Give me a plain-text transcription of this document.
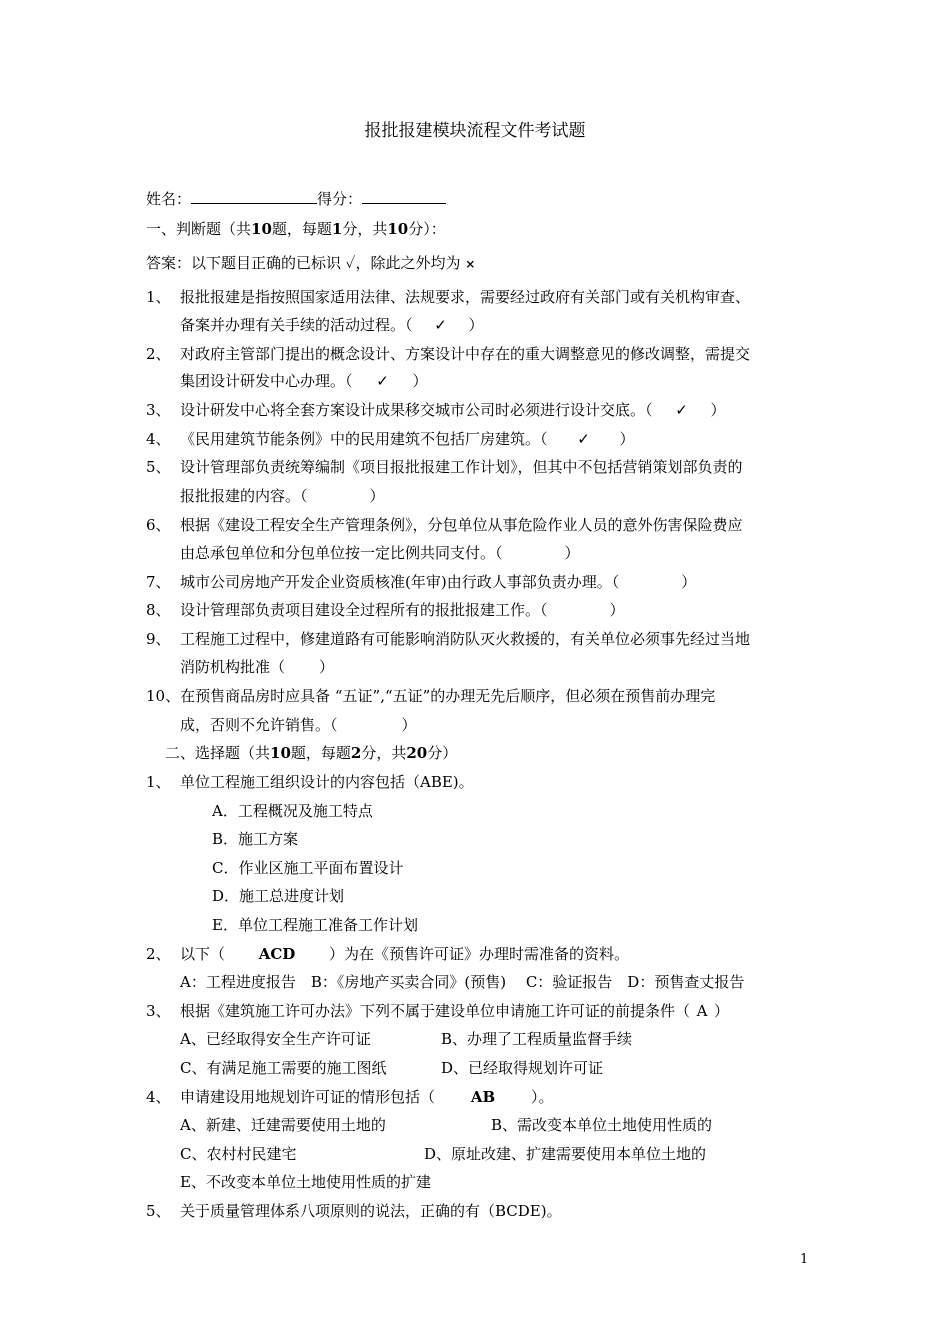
报批报建模块流程文件考试题
姓名：	得分：
一、判断题（共10题，每题1分，共10分）：
答案：以下题目正确的已标识 ✓，除此之外均为 ×
1、 报批报建是指按照国家适用法律、法规要求，需要经过政府有关部门或有关机构审查、
备案并办理有关手续的活动过程。（ ✓ ）
2、 对政府主管部门提出的概念设计、方案设计中存在的重大调整意见的修改调整，需提交
集团设计研发中心办理。（ ✓ ）
3、 设计研发中心将全套方案设计成果移交城市公司时必须进行设计交底。（ ✓ ）
4、 《民用建筑节能条例》中的民用建筑不包括厂房建筑。（ ✓ ）
5、 设计管理部负责统筹编制《项目报批报建工作计划》，但其中不包括营销策划部负责的
报批报建的内容。（	）
6、 根据《建设工程安全生产管理条例》，分包单位从事危险作业人员的意外伤害保险费应
由总承包单位和分包单位按一定比例共同支付。（	）
7、 城市公司房地产开发企业资质核准(年审)由行政人事部负责办理。（	）
8、 设计管理部负责项目建设全过程所有的报批报建工作。（	）
9、 工程施工过程中，修建道路有可能影响消防队灭火救援的，有关单位必须事先经过当地
消防机构批准（ ）
10、在预售商品房时应具备 “五证”,“五证”的办理无先后顺序，但必须在预售前办理完
成，否则不允许销售。（	）
二、选择题（共10题，每题2分，共20分）
1、 单位工程施工组织设计的内容包括（ABE)。
A．工程概况及施工特点
B．施工方案
C．作业区施工平面布置设计
D．施工总进度计划
E．单位工程施工准备工作计划
2、 以下（ ACD ）为在《预售许可证》办理时需准备的资料。
A：工程进度报告　B：《房地产买卖合同》(预售)　 C：验证报告　D：预售查丈报告
3、 根据《建筑施工许可办法》下列不属于建设单位申请施工许可证的前提条件（ A ）
A、已经取得安全生产许可证	B、办理了工程质量监督手续
C、有满足施工需要的施工图纸	D、已经取得规划许可证
4、 申请建设用地规划许可证的情形包括（ AB ）。
A、新建、迁建需要使用土地的	B、需改变本单位土地使用性质的
C、农村村民建宅	D、原址改建、扩建需要使用本单位土地的
E、不改变本单位土地使用性质的扩建
5、 关于质量管理体系八项原则的说法，正确的有（BCDE)。
1
